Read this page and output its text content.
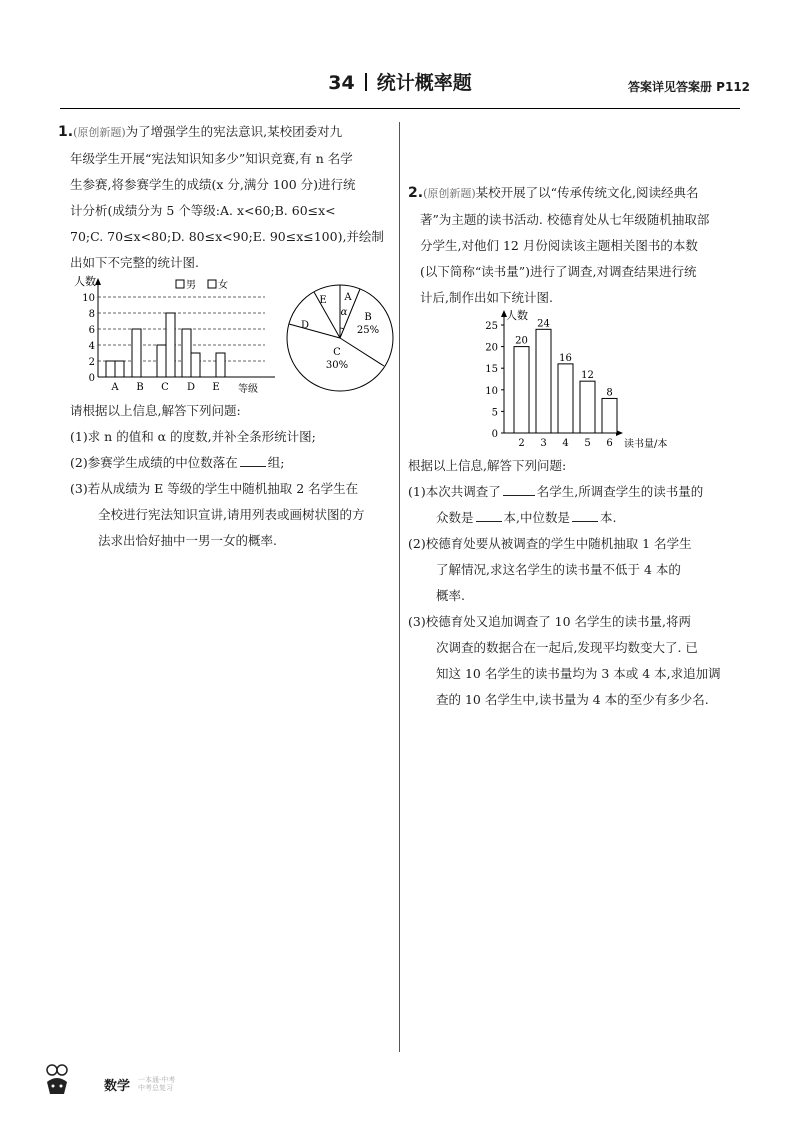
34 统计概率题	答案详见答案册 P112
1.(原创新题)为了增强学生的宪法意识,某校团委对九
年级学生开展“宪法知识知多少”知识竞赛,有 n 名学
生参赛,将参赛学生的成绩(x 分,满分 100 分)进行统
计分析(成绩分为 5 个等级:A. x<60;B. 60≤x<
70;C. 70≤x<80;D. 80≤x<90;E. 90≤x≤100),并绘制
出如下不完整的统计图.
人数
0
2
4
6
8
10
A B C D E 等级
男 女
A
α B
25%
C
30%
D
E
请根据以上信息,解答下列问题:
(1)求 n 的值和 α 的度数,并补全条形统计图;
(2)参赛学生成绩的中位数落在 组;
(3)若从成绩为 E 等级的学生中随机抽取 2 名学生在
全校进行宪法知识宣讲,请用列表或画树状图的方
法求出恰好抽中一男一女的概率.
2.(原创新题)某校开展了以“传承传统文化,阅读经典名
著”为主题的读书活动. 校德育处从七年级随机抽取部
分学生,对他们 12 月份阅读该主题相关图书的本数
(以下简称“读书量”)进行了调查,对调查结果进行统
计后,制作出如下统计图.
人数
读书量/本
0
5
10
15
20
25
20
2
24
3
16
4
12
5
8
6
根据以上信息,解答下列问题:
(1)本次共调查了	名学生,所调查学生的读书量的
众数是 本,中位数是 本.
(2)校德育处要从被调查的学生中随机抽取 1 名学生
了解情况,求这名学生的读书量不低于 4 本的
概率.
(3)校德育处又追加调查了 10 名学生的读书量,将两
次调查的数据合在一起后,发现平均数变大了. 已
知这 10 名学生的读书量均为 3 本或 4 本,求追加调
查的 10 名学生中,读书量为 4 本的至少有多少名.
数学 一本通·中考
中考总复习
